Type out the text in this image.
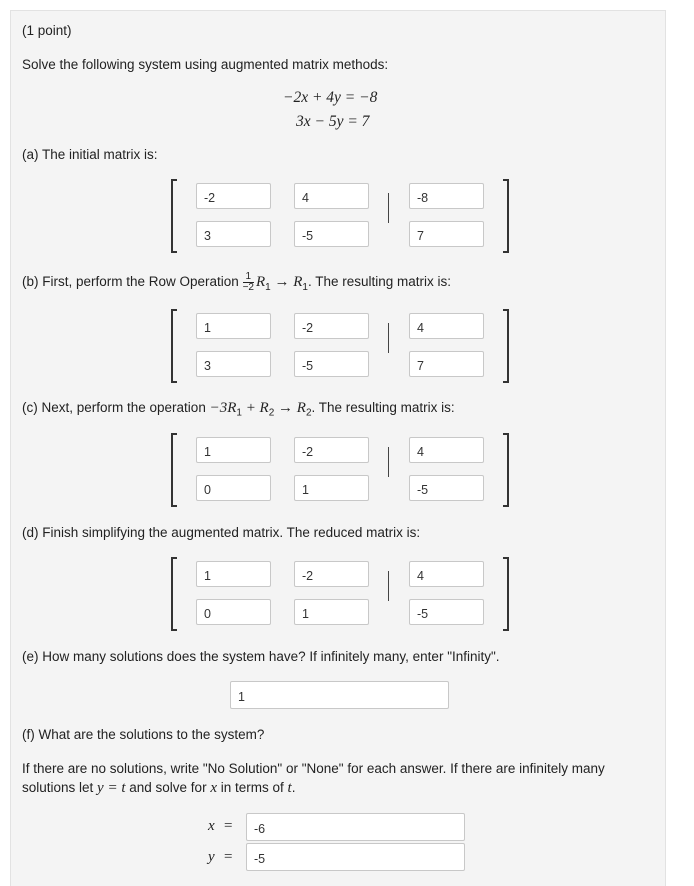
(1 point)
Solve the following system using augmented matrix methods:
−2x + 4y = −8
3x − 5y = 7
(a) The initial matrix is:
-2	4	-8
3	-5	7
(b) First, perform the Row Operation $\frac{1}{-2} R_1 \to R_1$. The resulting matrix is:
1	-2	4
3	-5	7
(c) Next, perform the operation $-3R_1 + R_2 \to R_2$. The resulting matrix is:
1	-2	4
0	1	-5
(d) Finish simplifying the augmented matrix. The reduced matrix is:
1	-2	4
0	1	-5
(e) How many solutions does the system have? If infinitely many, enter "Infinity".
1
(f) What are the solutions to the system?
If there are no solutions, write "No Solution" or "None" for each answer. If there are infinitely many
solutions let y = t and solve for x in terms of t.
x =	-6
y =	-5
